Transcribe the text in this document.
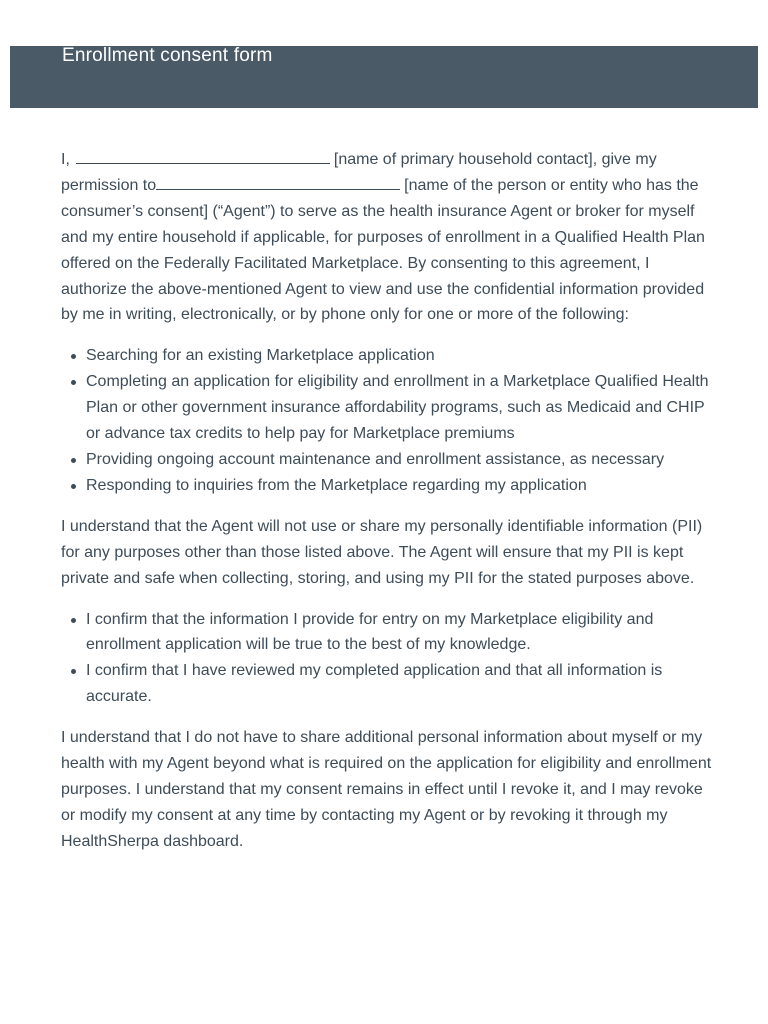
Enrollment consent form

I,	[name of primary household contact], give my permission to	[name of the person or entity who has the consumer’s consent] (“Agent”) to serve as the health insurance Agent or broker for myself and my entire household if applicable, for purposes of enrollment in a Qualified Health Plan offered on the Federally Facilitated Marketplace. By consenting to this agreement, I authorize the above-mentioned Agent to view and use the confidential information provided by me in writing, electronically, or by phone only for one or more of the following:

Searching for an existing Marketplace application
Completing an application for eligibility and enrollment in a Marketplace Qualified Health Plan or other government insurance affordability programs, such as Medicaid and CHIP or advance tax credits to help pay for Marketplace premiums
Providing ongoing account maintenance and enrollment assistance, as necessary
Responding to inquiries from the Marketplace regarding my application

I understand that the Agent will not use or share my personally identifiable information (PII) for any purposes other than those listed above. The Agent will ensure that my PII is kept private and safe when collecting, storing, and using my PII for the stated purposes above.

I confirm that the information I provide for entry on my Marketplace eligibility and enrollment application will be true to the best of my knowledge.
I confirm that I have reviewed my completed application and that all information is accurate.

I understand that I do not have to share additional personal information about myself or my health with my Agent beyond what is required on the application for eligibility and enrollment purposes. I understand that my consent remains in effect until I revoke it, and I may revoke or modify my consent at any time by contacting my Agent or by revoking it through my HealthSherpa dashboard.
